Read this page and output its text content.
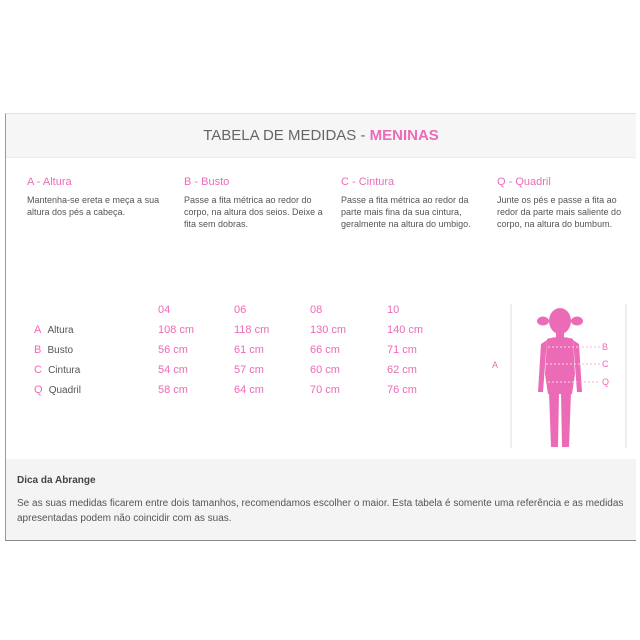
TABELA DE MEDIDAS - MENINAS
A - Altura
Mantenha-se ereta e meça a sua altura dos pés a cabeça.
B - Busto
Passe a fita métrica ao redor do corpo, na altura dos seios. Deixe a fita sem dobras.
C - Cintura
Passe a fita métrica ao redor da parte mais fina da sua cintura, geralmente na altura do umbigo.
Q - Quadril
Junte os pés e passe a fita ao redor da parte mais saliente do corpo, na altura do bumbum.
04	06	08	10
A Altura	108 cm	118 cm	130 cm	140 cm
B Busto	56 cm	61 cm	66 cm	71 cm
C Cintura	54 cm	57 cm	60 cm	62 cm
Q Quadril	58 cm	64 cm	70 cm	76 cm
A
B
C
Q
Dica da Abrange
Se as suas medidas ficarem entre dois tamanhos, recomendamos escolher o maior. Esta tabela é somente uma referência e as medidas apresentadas podem não coincidir com as suas.
